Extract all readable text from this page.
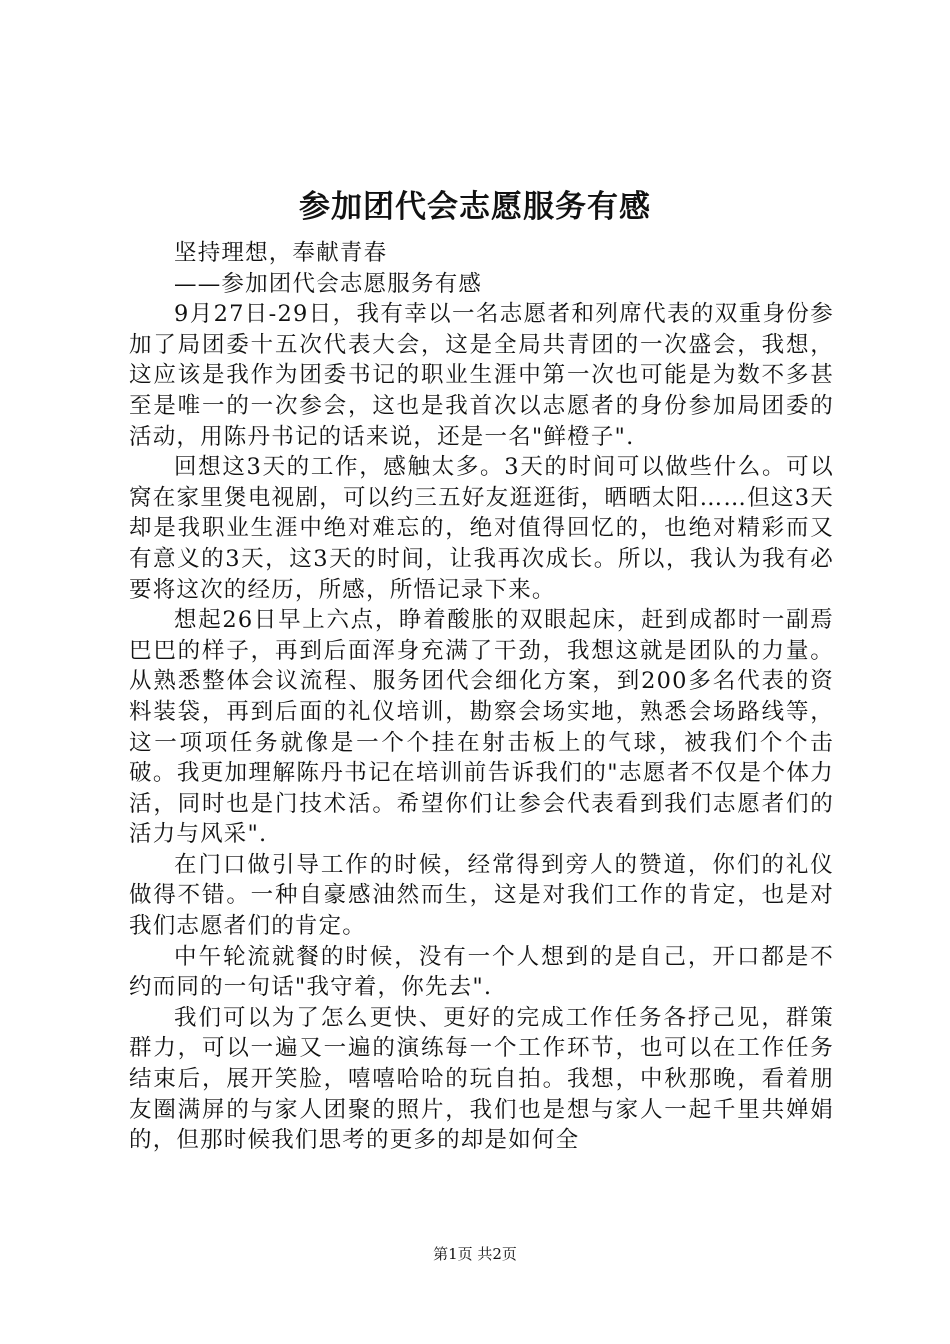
参加团代会志愿服务有感

坚持理想，奉献青春

——参加团代会志愿服务有感

9月27日-29日，我有幸以一名志愿者和列席代表的双重身份参加了局团委十五次代表大会，这是全局共青团的一次盛会，我想，这应该是我作为团委书记的职业生涯中第一次也可能是为数不多甚至是唯一的一次参会，这也是我首次以志愿者的身份参加局团委的活动，用陈丹书记的话来说，还是一名"鲜橙子".

回想这3天的工作，感触太多。3天的时间可以做些什么。可以窝在家里煲电视剧，可以约三五好友逛逛街，晒晒太阳……但这3天却是我职业生涯中绝对难忘的，绝对值得回忆的，也绝对精彩而又有意义的3天，这3天的时间，让我再次成长。所以，我认为我有必要将这次的经历，所感，所悟记录下来。

想起26日早上六点，睁着酸胀的双眼起床，赶到成都时一副焉巴巴的样子，再到后面浑身充满了干劲，我想这就是团队的力量。从熟悉整体会议流程、服务团代会细化方案，到200多名代表的资料装袋，再到后面的礼仪培训，勘察会场实地，熟悉会场路线等，这一项项任务就像是一个个挂在射击板上的气球，被我们个个击破。我更加理解陈丹书记在培训前告诉我们的"志愿者不仅是个体力活，同时也是门技术活。希望你们让参会代表看到我们志愿者们的活力与风采".

在门口做引导工作的时候，经常得到旁人的赞道，你们的礼仪做得不错。一种自豪感油然而生，这是对我们工作的肯定，也是对我们志愿者们的肯定。

中午轮流就餐的时候，没有一个人想到的是自己，开口都是不约而同的一句话"我守着，你先去".

我们可以为了怎么更快、更好的完成工作任务各抒己见，群策群力，可以一遍又一遍的演练每一个工作环节，也可以在工作任务结束后，展开笑脸，嘻嘻哈哈的玩自拍。我想，中秋那晚，看着朋友圈满屏的与家人团聚的照片，我们也是想与家人一起千里共婵娟的，但那时候我们思考的更多的却是如何全

第1页 共2页
